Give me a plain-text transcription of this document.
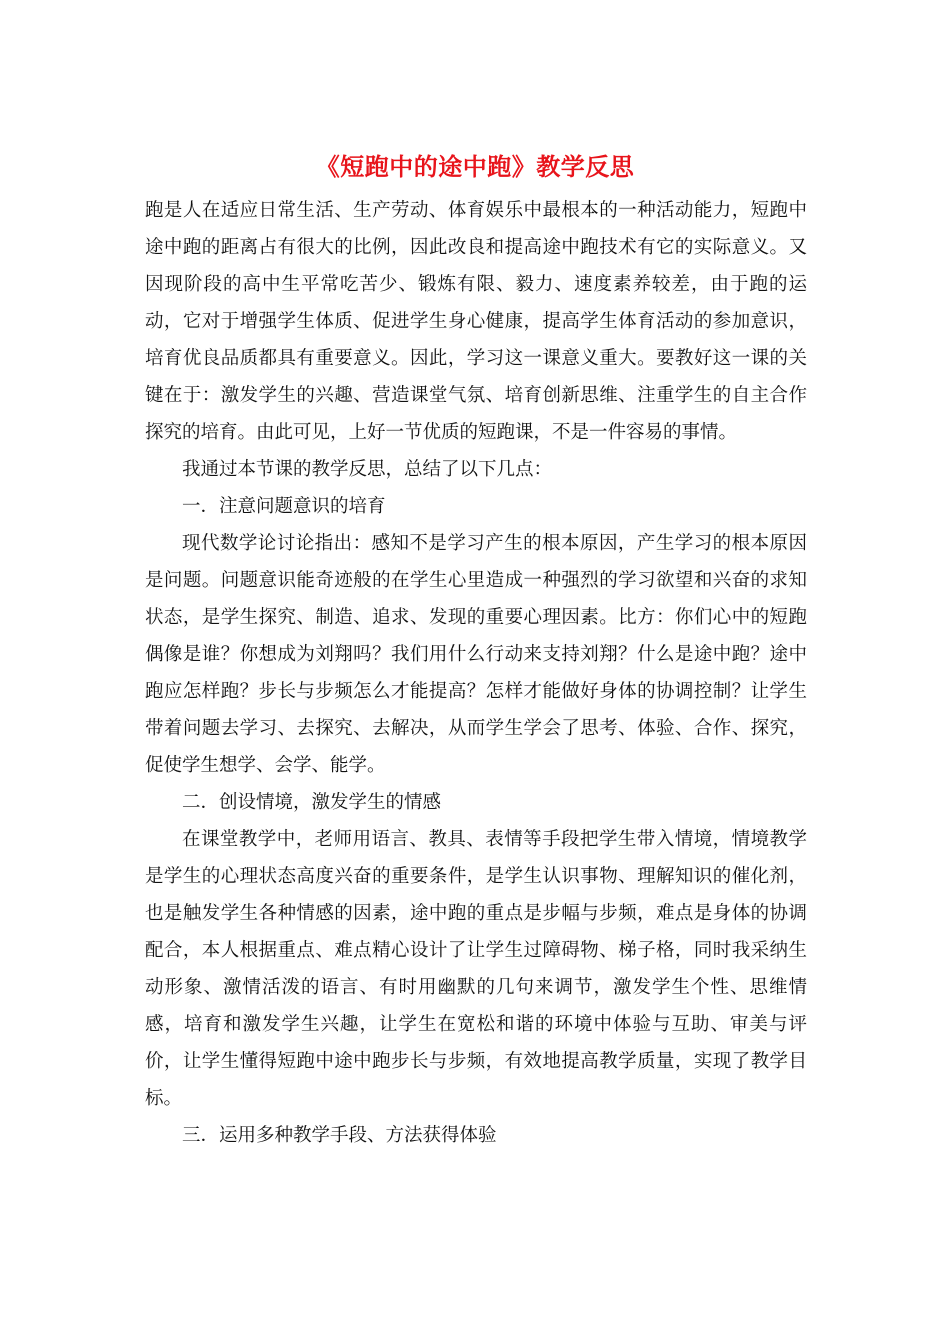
《短跑中的途中跑》教学反思

跑是人在适应日常生活、生产劳动、体育娱乐中最根本的一种活动能力，短跑中途中跑的距离占有很大的比例，因此改良和提高途中跑技术有它的实际意义。又因现阶段的高中生平常吃苦少、锻炼有限、毅力、速度素养较差，由于跑的运动，它对于增强学生体质、促进学生身心健康，提高学生体育活动的参加意识，培育优良品质都具有重要意义。因此，学习这一课意义重大。要教好这一课的关键在于：激发学生的兴趣、营造课堂气氛、培育创新思维、注重学生的自主合作探究的培育。由此可见，上好一节优质的短跑课，不是一件容易的事情。

我通过本节课的教学反思，总结了以下几点：

一．注意问题意识的培育

现代数学论讨论指出：感知不是学习产生的根本原因，产生学习的根本原因是问题。问题意识能奇迹般的在学生心里造成一种强烈的学习欲望和兴奋的求知状态，是学生探究、制造、追求、发现的重要心理因素。比方：你们心中的短跑偶像是谁？你想成为刘翔吗？我们用什么行动来支持刘翔？什么是途中跑？途中跑应怎样跑？步长与步频怎么才能提高？怎样才能做好身体的协调控制？让学生带着问题去学习、去探究、去解决，从而学生学会了思考、体验、合作、探究，促使学生想学、会学、能学。

二．创设情境，激发学生的情感

在课堂教学中，老师用语言、教具、表情等手段把学生带入情境，情境教学是学生的心理状态高度兴奋的重要条件，是学生认识事物、理解知识的催化剂，也是触发学生各种情感的因素，途中跑的重点是步幅与步频，难点是身体的协调配合，本人根据重点、难点精心设计了让学生过障碍物、梯子格，同时我采纳生动形象、激情活泼的语言、有时用幽默的几句来调节，激发学生个性、思维情感，培育和激发学生兴趣，让学生在宽松和谐的环境中体验与互助、审美与评价，让学生懂得短跑中途中跑步长与步频，有效地提高教学质量，实现了教学目标。

三．运用多种教学手段、方法获得体验
